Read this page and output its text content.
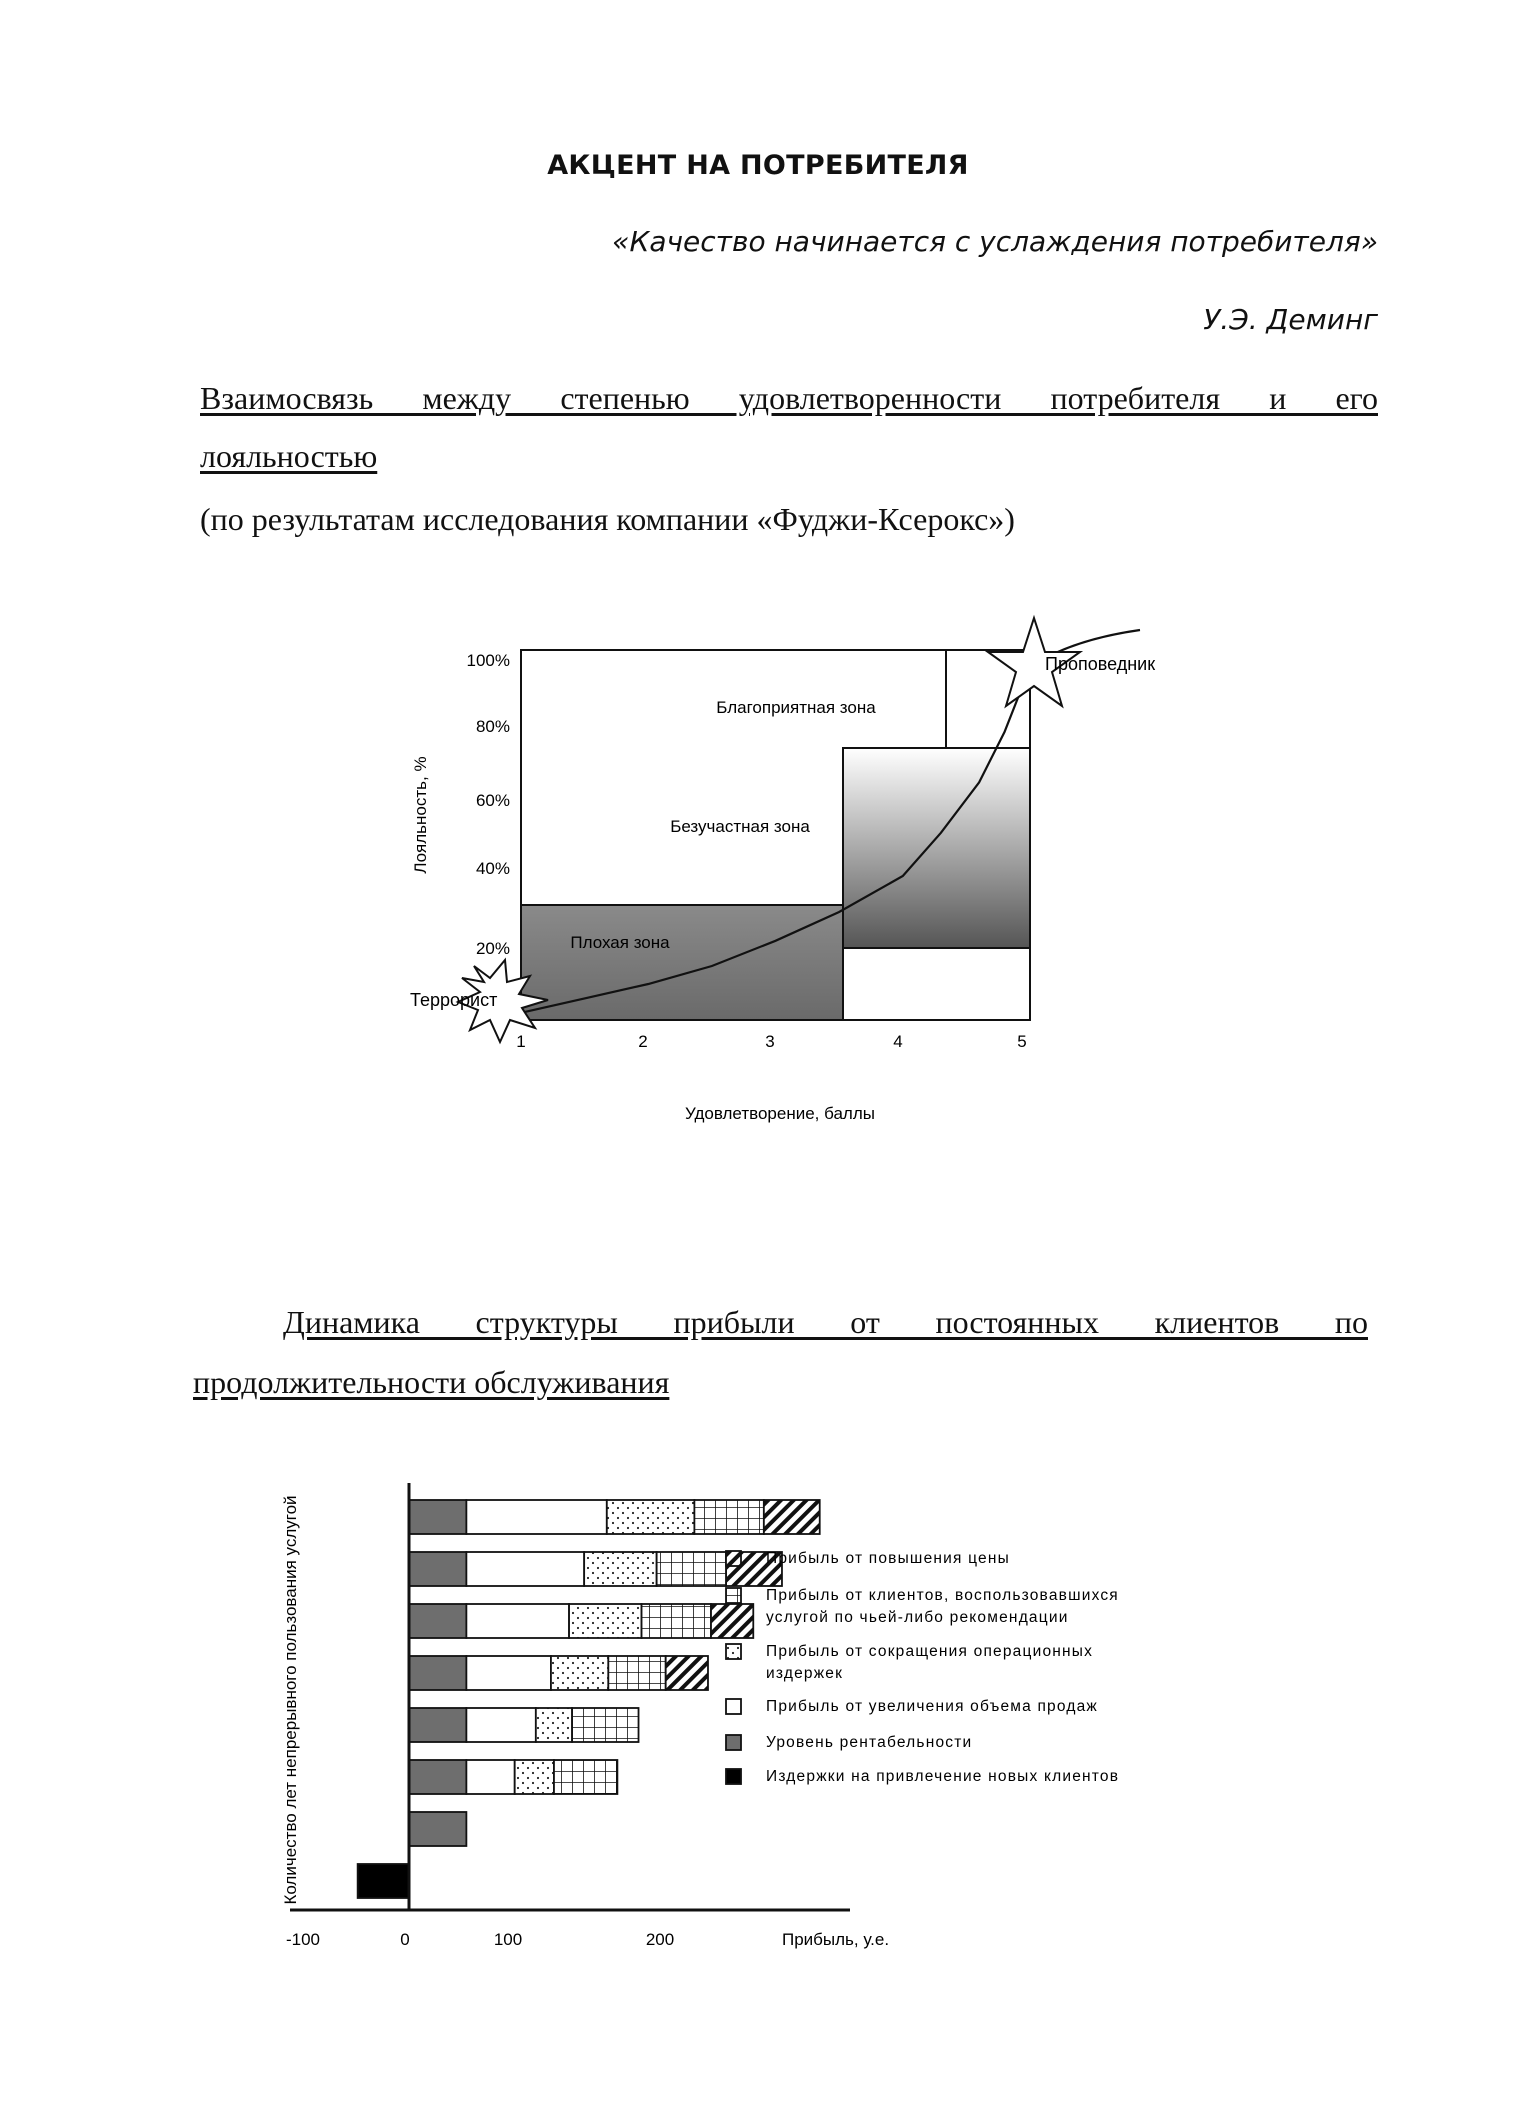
АКЦЕНТ НА ПОТРЕБИТЕЛЯ
«Качество начинается с услаждения потребителя»
У.Э. Деминг
Взаимосвязь между степенью удовлетворенности потребителя и его
лояльностью
(по результатам исследования компании «Фуджи-Ксерокс»)
Динамика структуры прибыли от постоянных клиентов по
продолжительности обслуживания
Благоприятная зона
Безучастная зона
Плохая зона
20%
40%
60%
80%
100%
1	2	3	4	5
Лояльность, %
Удовлетворение, баллы
Террорист
Проповедник
-100	0	100	200
Количество лет непрерывного пользования услугой
Прибыль, у.е.
Прибыль от повышения цены
Прибыль от клиентов, воспользовавшихся
услугой по чьей-либо рекомендации
Прибыль от сокращения операционных
издержек
Прибыль от увеличения объема продаж
Уровень рентабельности
Издержки на привлечение новых клиентов
